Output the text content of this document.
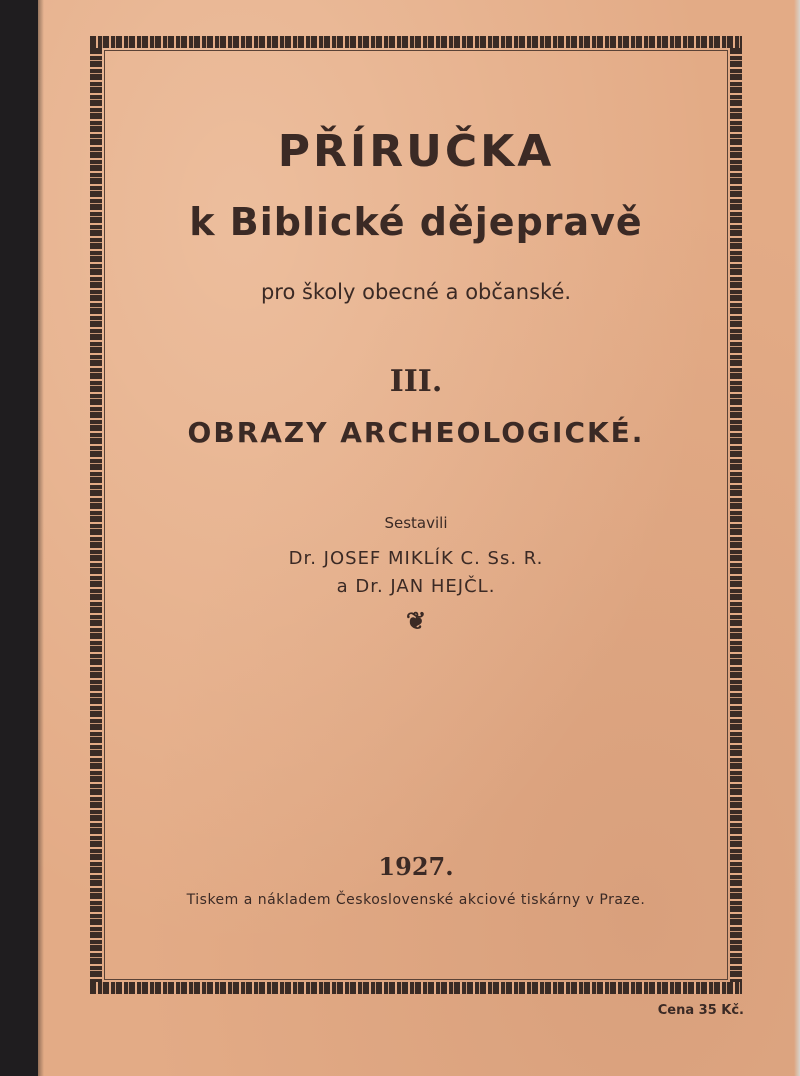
PŘÍRUČKA
k Biblické dějepravě
pro školy obecné a občanské.
III.
OBRAZY ARCHEOLOGICKÉ.
Sestavili
Dr. JOSEF MIKLÍK C. Ss. R.
a Dr. JAN HEJČL.
❦
1927.
Tiskem a nákladem Československé akciové tiskárny v Praze.
Cena 35 Kč.
